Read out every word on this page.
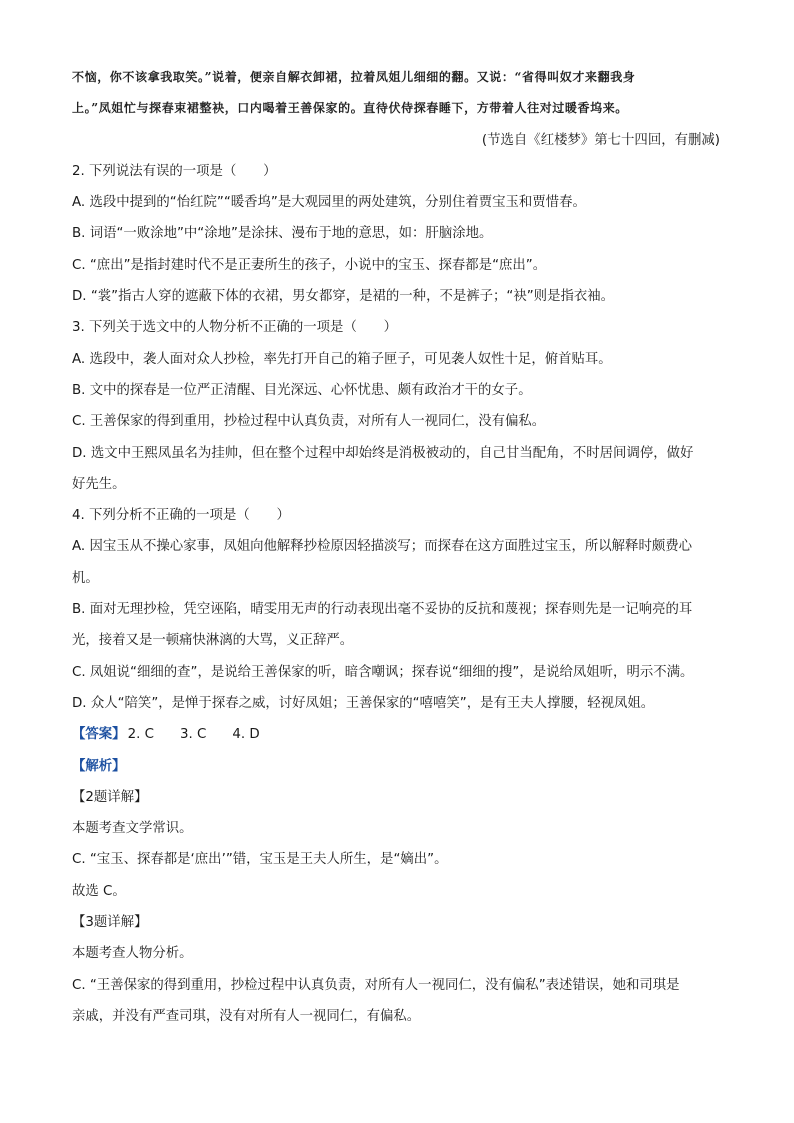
不恼，你不该拿我取笑。”说着，便亲自解衣卸裙，拉着凤姐儿细细的翻。又说：“省得叫奴才来翻我身
上。”凤姐忙与探春束裙整袂，口内喝着王善保家的。直待伏侍探春睡下，方带着人往对过暖香坞来。
(节选自《红楼梦》第七十四回，有删减)
2. 下列说法有误的一项是（　　）
A. 选段中提到的“怡红院”“暖香坞”是大观园里的两处建筑，分别住着贾宝玉和贾惜春。
B. 词语“一败涂地”中“涂地”是涂抹、漫布于地的意思，如：肝脑涂地。
C. “庶出”是指封建时代不是正妻所生的孩子，小说中的宝玉、探春都是“庶出”。
D. “裳”指古人穿的遮蔽下体的衣裙，男女都穿，是裙的一种，不是裤子；“袂”则是指衣袖。
3. 下列关于选文中的人物分析不正确的一项是（　　）
A. 选段中，袭人面对众人抄检，率先打开自己的箱子匣子，可见袭人奴性十足，俯首贴耳。
B. 文中的探春是一位严正清醒、目光深远、心怀忧患、颇有政治才干的女子。
C. 王善保家的得到重用，抄检过程中认真负责，对所有人一视同仁，没有偏私。
D. 选文中王熙凤虽名为挂帅，但在整个过程中却始终是消极被动的，自己甘当配角，不时居间调停，做好
好先生。
4. 下列分析不正确的一项是（　　）
A. 因宝玉从不操心家事，凤姐向他解释抄检原因轻描淡写；而探春在这方面胜过宝玉，所以解释时颇费心
机。
B. 面对无理抄检，凭空诬陷，晴雯用无声的行动表现出毫不妥协的反抗和蔑视；探春则先是一记响亮的耳
光，接着又是一顿痛快淋漓的大骂，义正辞严。
C. 凤姐说“细细的查”，是说给王善保家的听，暗含嘲讽；探春说“细细的搜”，是说给凤姐听，明示不满。
D. 众人“陪笑”，是惮于探春之威，讨好凤姐；王善保家的“嘻嘻笑”，是有王夫人撑腰，轻视凤姐。
【答案】 2. C 3. C 4. D
【解析】
【2题详解】
本题考查文学常识。
C. “宝玉、探春都是‘庶出’”错，宝玉是王夫人所生，是“嫡出”。
故选 C。
【3题详解】
本题考查人物分析。
C. “王善保家的得到重用，抄检过程中认真负责，对所有人一视同仁，没有偏私”表述错误，她和司琪是
亲戚，并没有严查司琪，没有对所有人一视同仁，有偏私。
